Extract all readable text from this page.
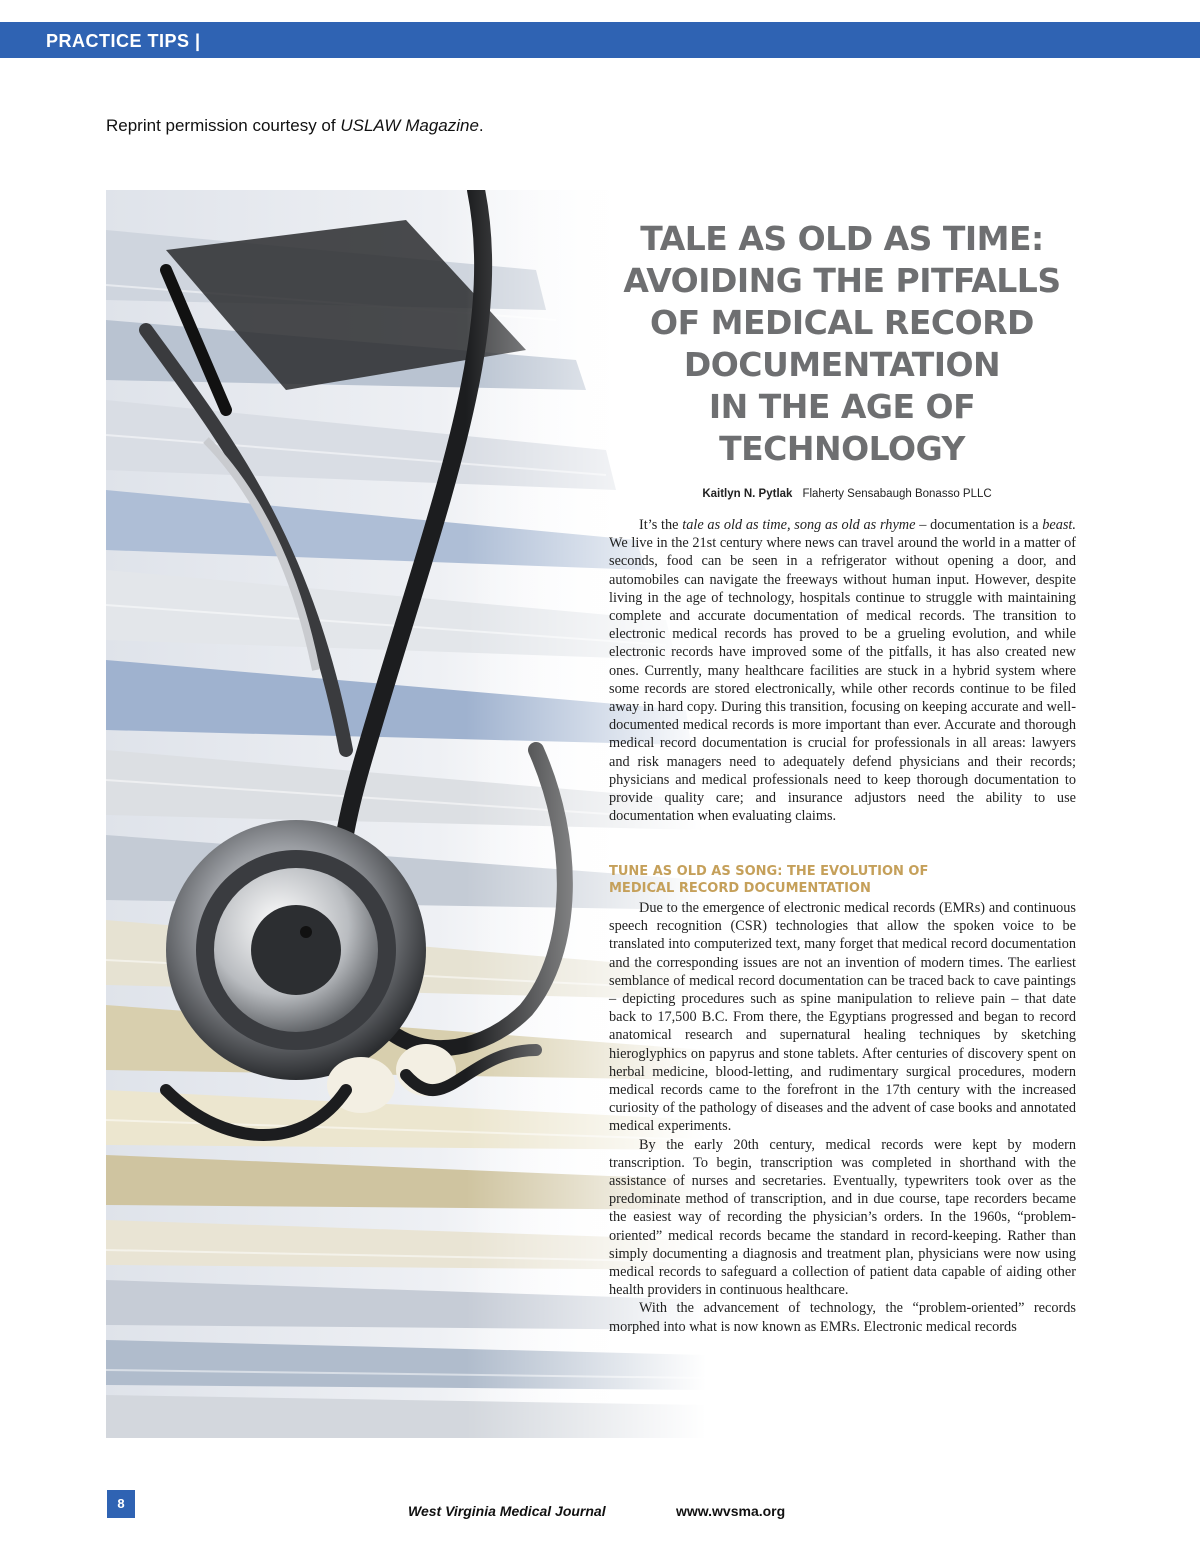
PRACTICE TIPS |
Reprint permission courtesy of USLAW Magazine.
TALE AS OLD AS TIME:
AVOIDING THE PITFALLS
OF MEDICAL RECORD
DOCUMENTATION
IN THE AGE OF
TECHNOLOGY
Kaitlyn N. Pytlak Flaherty Sensabaugh Bonasso PLLC

It’s the tale as old as time, song as old as rhyme – documentation is a beast. We live in the 21st century where news can travel around the world in a matter of seconds, food can be seen in a refrigerator without opening a door, and automobiles can navigate the freeways without human input. However, despite living in the age of technology, hospitals continue to struggle with maintaining complete and accurate documentation of medical records. The transition to electronic medical records has proved to be a grueling evolution, and while electronic records have improved some of the pitfalls, it has also created new ones. Currently, many healthcare facilities are stuck in a hybrid system where some records are stored electronically, while other records continue to be filed away in hard copy. During this transition, focusing on keeping accurate and well-documented medical records is more important than ever. Accurate and thorough medical record documentation is crucial for professionals in all areas: lawyers and risk managers need to adequately defend physicians and their records; physicians and medical professionals need to keep thorough documentation to provide quality care; and insurance adjustors need the ability to use documentation when evaluating claims.

TUNE AS OLD AS SONG: THE EVOLUTION OF
MEDICAL RECORD DOCUMENTATION

Due to the emergence of electronic medical records (EMRs) and continuous speech recognition (CSR) technologies that allow the spoken voice to be translated into computerized text, many forget that medical record documentation and the corresponding issues are not an invention of modern times. The earliest semblance of medical record documentation can be traced back to cave paintings – depicting procedures such as spine manipulation to relieve pain – that date back to 17,500 B.C. From there, the Egyptians progressed and began to record anatomical research and supernatural healing techniques by sketching hieroglyphics on papyrus and stone tablets. After centuries of discovery spent on herbal medicine, blood-letting, and rudimentary surgical procedures, modern medical records came to the forefront in the 17th century with the increased curiosity of the pathology of diseases and the advent of case books and annotated medical experiments.

By the early 20th century, medical records were kept by modern transcription. To begin, transcription was completed in shorthand with the assistance of nurses and secretaries. Eventually, typewriters took over as the predominate method of transcription, and in due course, tape recorders became the easiest way of recording the physician’s orders. In the 1960s, “problem-oriented” medical records became the standard in record-keeping. Rather than simply documenting a diagnosis and treatment plan, physicians were now using medical records to safeguard a collection of patient data capable of aiding other health providers in continuous healthcare.

With the advancement of technology, the “problem-oriented” records morphed into what is now known as EMRs. Electronic medical records

8	West Virginia Medical Journal	www.wvsma.org
